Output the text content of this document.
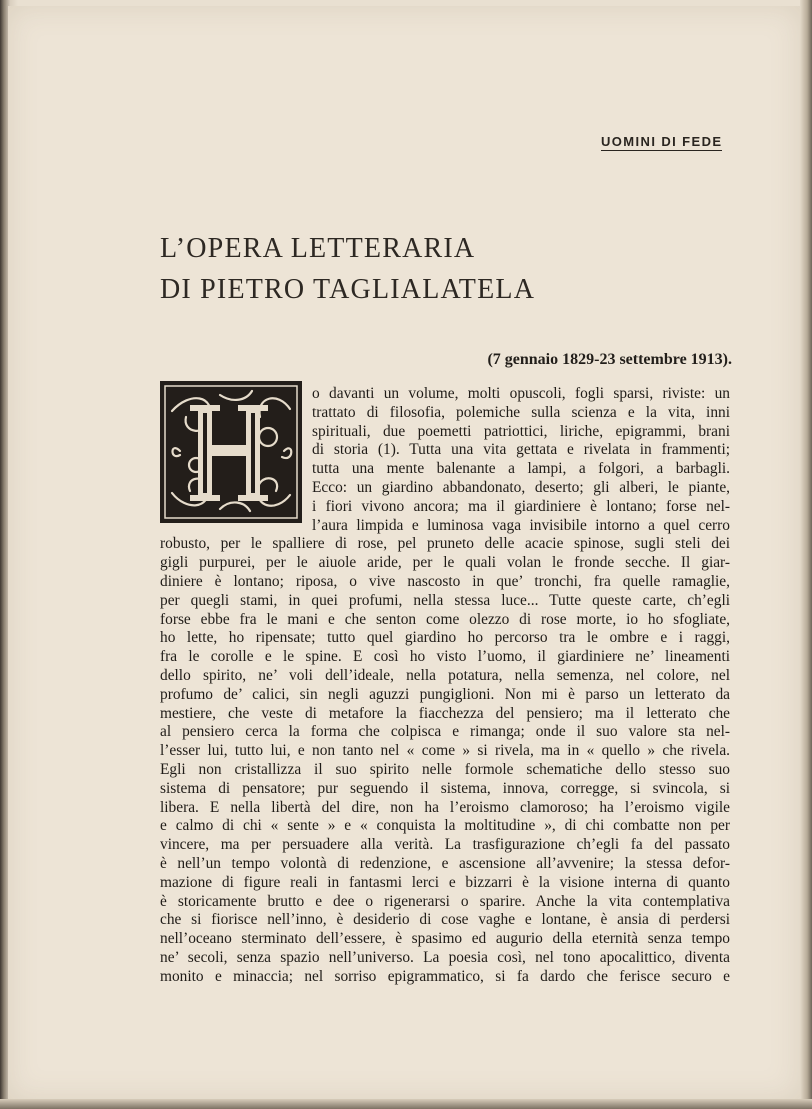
UOMINI DI FEDE
L’OPERA LETTERARIA
DI PIETRO TAGLIALATELA
(7 gennaio 1829-23 settembre 1913).
o davanti un volume, molti opuscoli, fogli sparsi, riviste: un
trattato di filosofia, polemiche sulla scienza e la vita, inni
spirituali, due poemetti patriottici, liriche, epigrammi, brani
di storia (1). Tutta una vita gettata e rivelata in frammenti;
tutta una mente balenante a lampi, a folgori, a barbagli.
Ecco: un giardino abbandonato, deserto; gli alberi, le piante,
i fiori vivono ancora; ma il giardiniere è lontano; forse nel-
l’aura limpida e luminosa vaga invisibile intorno a quel cerro
robusto, per le spalliere di rose, pel pruneto delle acacie spinose, sugli steli dei
gigli purpurei, per le aiuole aride, per le quali volan le fronde secche. Il giar-
diniere è lontano; riposa, o vive nascosto in que’ tronchi, fra quelle ramaglie,
per quegli stami, in quei profumi, nella stessa luce... Tutte queste carte, ch’egli
forse ebbe fra le mani e che senton come olezzo di rose morte, io ho sfogliate,
ho lette, ho ripensate; tutto quel giardino ho percorso tra le ombre e i raggi,
fra le corolle e le spine. E così ho visto l’uomo, il giardiniere ne’ lineamenti
dello spirito, ne’ voli dell’ideale, nella potatura, nella semenza, nel colore, nel
profumo de’ calici, sin negli aguzzi pungiglioni. Non mi è parso un letterato da
mestiere, che veste di metafore la fiacchezza del pensiero; ma il letterato che
al pensiero cerca la forma che colpisca e rimanga; onde il suo valore sta nel-
l’esser lui, tutto lui, e non tanto nel « come » si rivela, ma in « quello » che rivela.
Egli non cristallizza il suo spirito nelle formole schematiche dello stesso suo
sistema di pensatore; pur seguendo il sistema, innova, corregge, si svincola, si
libera. E nella libertà del dire, non ha l’eroismo clamoroso; ha l’eroismo vigile
e calmo di chi « sente » e « conquista la moltitudine », di chi combatte non per
vincere, ma per persuadere alla verità. La trasfigurazione ch’egli fa del passato
è nell’un tempo volontà di redenzione, e ascensione all’avvenire; la stessa defor-
mazione di figure reali in fantasmi lerci e bizzarri è la visione interna di quanto
è storicamente brutto e dee o rigenerarsi o sparire. Anche la vita contemplativa
che si fiorisce nell’inno, è desiderio di cose vaghe e lontane, è ansia di perdersi
nell’oceano sterminato dell’essere, è spasimo ed augurio della eternità senza tempo
ne’ secoli, senza spazio nell’universo. La poesia così, nel tono apocalittico, diventa
monito e minaccia; nel sorriso epigrammatico, si fa dardo che ferisce securo e
